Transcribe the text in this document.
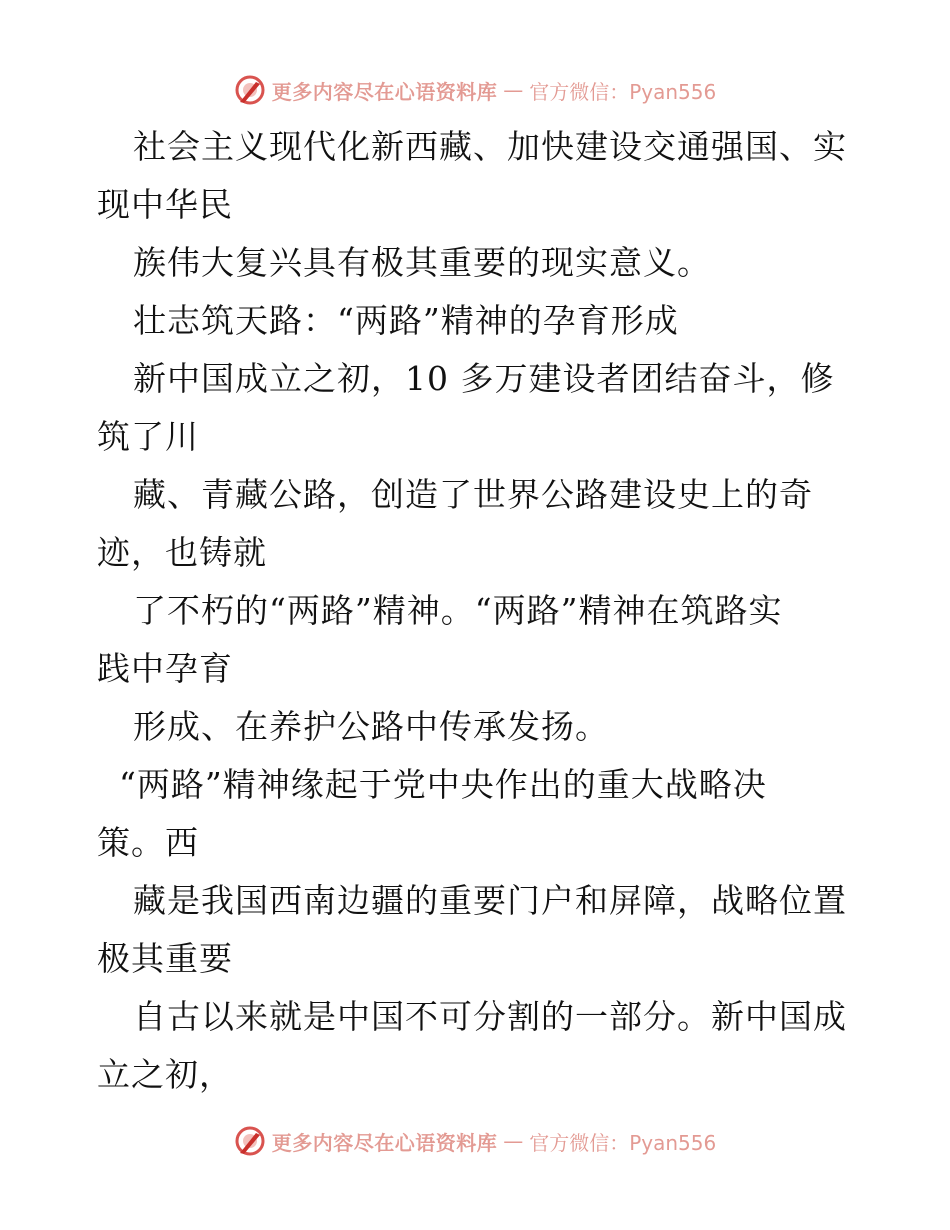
更多内容尽在心语资料库 — 官方微信：Pyan556
社会主义现代化新西藏、加快建设交通强国、实
现中华民
族伟大复兴具有极其重要的现实意义。
壮志筑天路：“两路”精神的孕育形成
新中国成立之初，10 多万建设者团结奋斗，修
筑了川
藏、青藏公路，创造了世界公路建设史上的奇
迹，也铸就
了不朽的“两路”精神。“两路”精神在筑路实
践中孕育
形成、在养护公路中传承发扬。
“两路”精神缘起于党中央作出的重大战略决
策。西
藏是我国西南边疆的重要门户和屏障，战略位置
极其重要
自古以来就是中国不可分割的一部分。新中国成
立之初，
更多内容尽在心语资料库 — 官方微信：Pyan556
